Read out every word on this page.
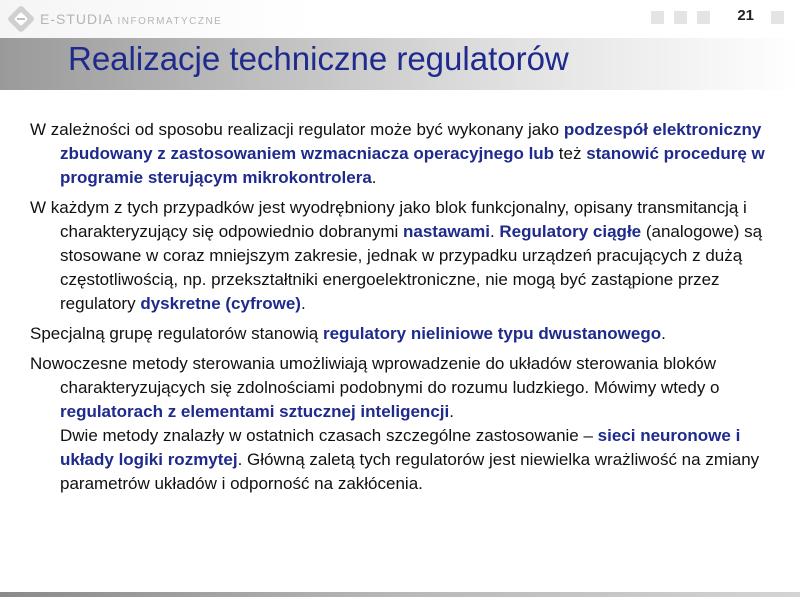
E-STUDIA INFORMATYCZNE	21
Realizacje techniczne regulatorów

W zależności od sposobu realizacji regulator może być wykonany jako podzespół elektroniczny zbudowany z zastosowaniem wzmacniacza operacyjnego lub też stanowić procedurę w programie sterującym mikrokontrolera.

W każdym z tych przypadków jest wyodrębniony jako blok funkcjonalny, opisany transmitancją i charakteryzujący się odpowiednio dobranymi nastawami. Regulatory ciągłe (analogowe) są stosowane w coraz mniejszym zakresie, jednak w przypadku urządzeń pracujących z dużą częstotliwością, np. przekształtniki energoelektroniczne, nie mogą być zastąpione przez regulatory dyskretne (cyfrowe).

Specjalną grupę regulatorów stanowią regulatory nieliniowe typu dwustanowego.

Nowoczesne metody sterowania umożliwiają wprowadzenie do układów sterowania bloków charakteryzujących się zdolnościami podobnymi do rozumu ludzkiego. Mówimy wtedy o regulatorach z elementami sztucznej inteligencji.
Dwie metody znalazły w ostatnich czasach szczególne zastosowanie – sieci neuronowe i układy logiki rozmytej. Główną zaletą tych regulatorów jest niewielka wrażliwość na zmiany parametrów układów i odporność na zakłócenia.
